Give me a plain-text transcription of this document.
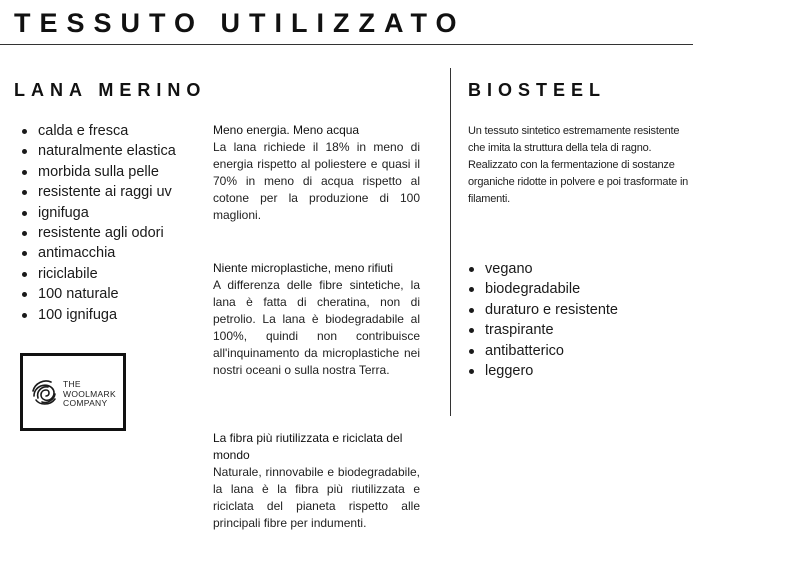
TESSUTO UTILIZZATO
LANA MERINO
calda e fresca
naturalmente elastica
morbida sulla pelle
resistente ai raggi uv
ignifuga
resistente agli odori
antimacchia
riciclabile
100 naturale
100 ignifuga
THE
WOOLMARK
COMPANY
Meno energia. Meno acqua
La lana richiede il 18% in meno di energia rispetto al poliestere e quasi il 70% in meno di acqua rispetto al cotone per la produzione di 100 maglioni.
Niente microplastiche, meno rifiuti
A differenza delle fibre sintetiche, la lana è fatta di cheratina, non di petrolio. La lana è biodegradabile al 100%, quindi non contribuisce all'inquinamento da microplastiche nei nostri oceani o sulla nostra Terra.
La fibra più riutilizzata e riciclata del mondo
Naturale, rinnovabile e biodegradabile, la lana è la fibra più riutilizzata e riciclata del pianeta rispetto alle principali fibre per indumenti.
BIOSTEEL
Un tessuto sintetico estremamente resistente
che imita la struttura della tela di ragno.
Realizzato con la fermentazione di sostanze
organiche ridotte in polvere e poi trasformate in
filamenti.
vegano
biodegradabile
duraturo e resistente
traspirante
antibatterico
leggero
